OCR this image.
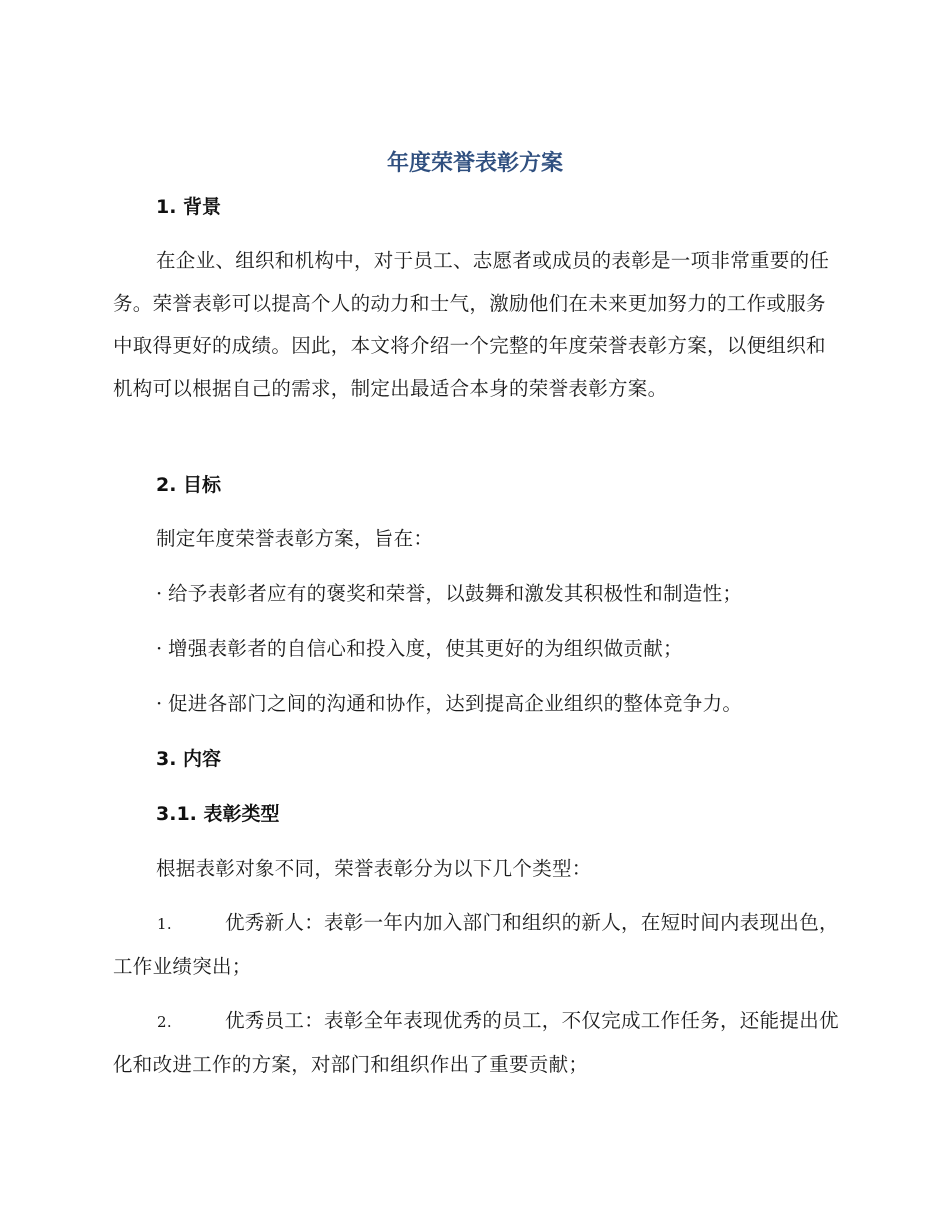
年度荣誉表彰方案
1. 背景

在企业、组织和机构中，对于员工、志愿者或成员的表彰是一项非常重要的任务。荣誉表彰可以提高个人的动力和士气，激励他们在未来更加努力的工作或服务中取得更好的成绩。因此，本文将介绍一个完整的年度荣誉表彰方案，以便组织和机构可以根据自己的需求，制定出最适合本身的荣誉表彰方案。

2. 目标
制定年度荣誉表彰方案，旨在：
· 给予表彰者应有的褒奖和荣誉，以鼓舞和激发其积极性和制造性；
· 增强表彰者的自信心和投入度，使其更好的为组织做贡献；
· 促进各部门之间的沟通和协作，达到提高企业组织的整体竞争力。
3. 内容
3.1. 表彰类型
根据表彰对象不同，荣誉表彰分为以下几个类型：

1.	优秀新人：表彰一年内加入部门和组织的新人，在短时间内表现出色，工作业绩突出；

2.	优秀员工：表彰全年表现优秀的员工，不仅完成工作任务，还能提出优化和改进工作的方案，对部门和组织作出了重要贡献；
